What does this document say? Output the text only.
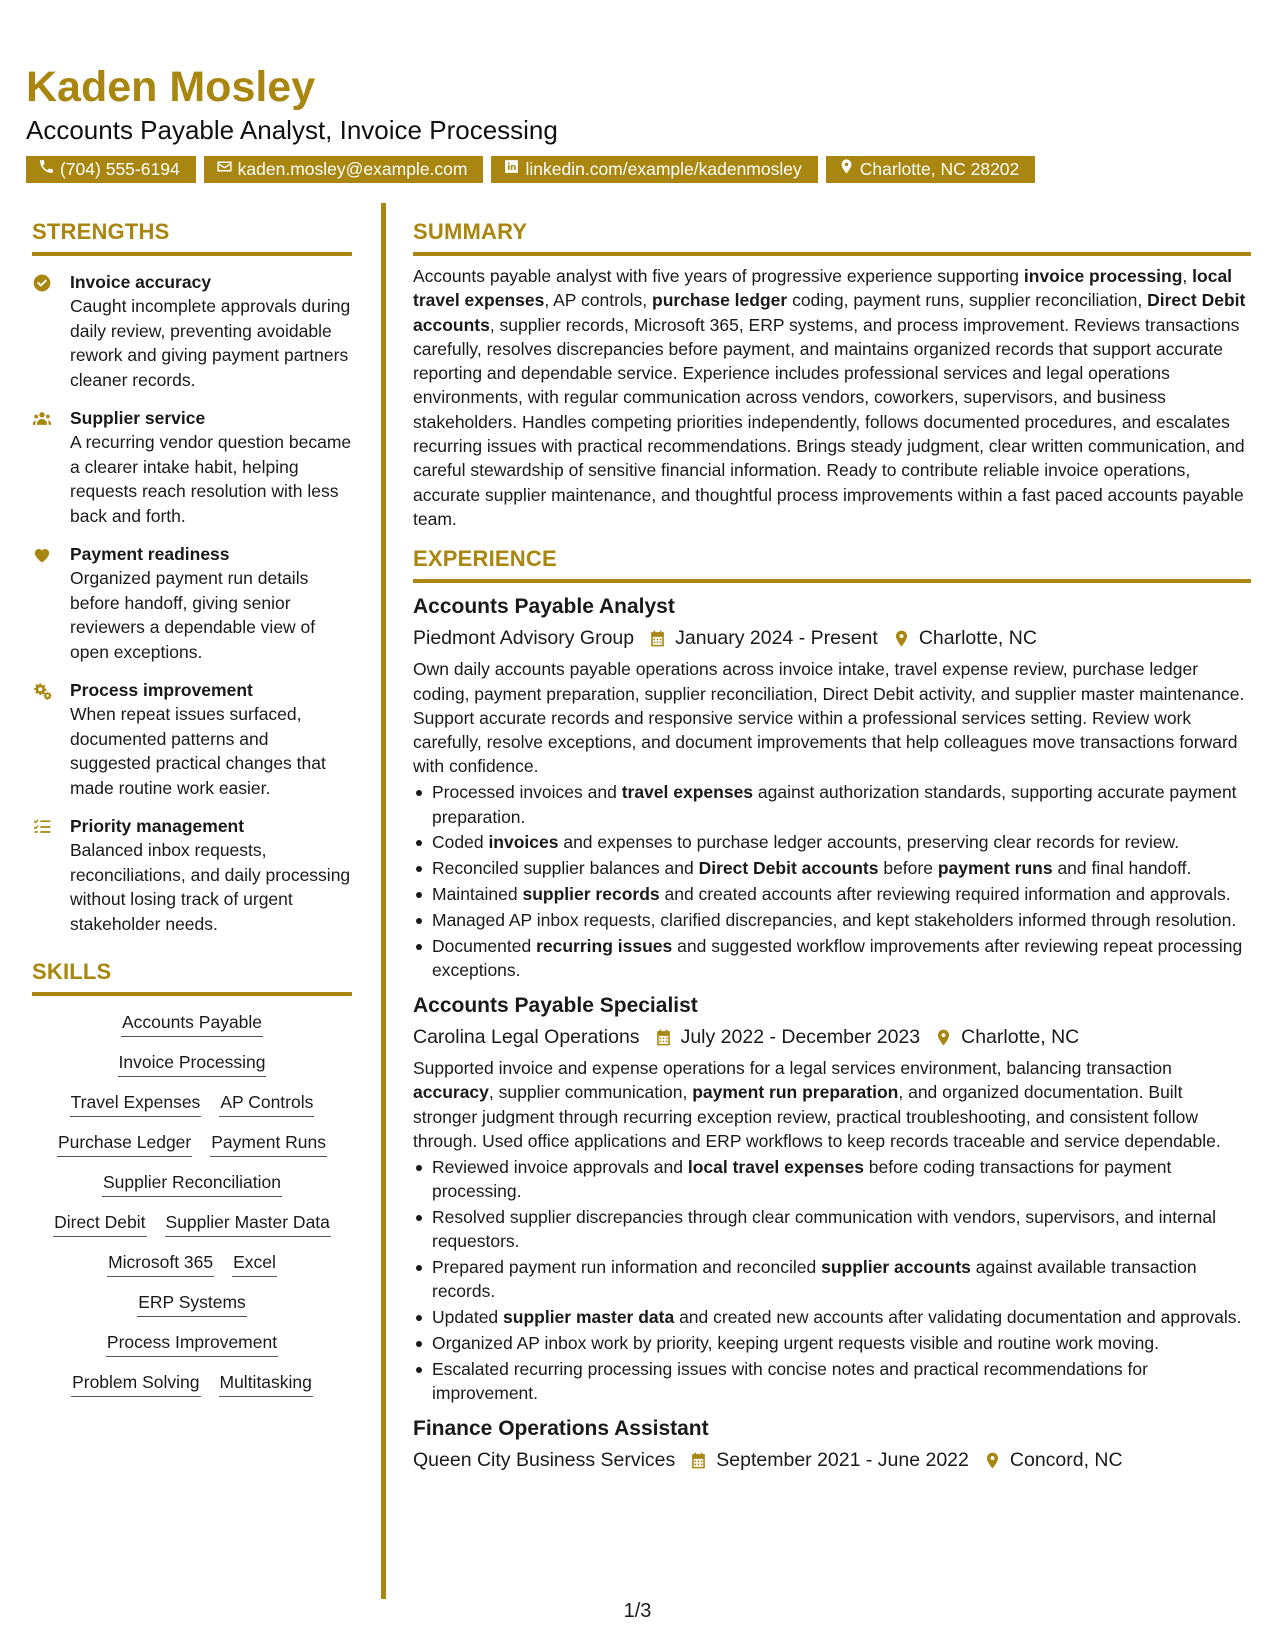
Kaden Mosley
Accounts Payable Analyst, Invoice Processing
(704) 555-6194	kaden.mosley@example.com	linkedin.com/example/kadenmosley	Charlotte, NC 28202
STRENGTHS
Invoice accuracy
Caught incomplete approvals during daily review, preventing avoidable rework and giving payment partners cleaner records.
Supplier service
A recurring vendor question became a clearer intake habit, helping requests reach resolution with less back and forth.
Payment readiness
Organized payment run details before handoff, giving senior reviewers a dependable view of open exceptions.
Process improvement
When repeat issues surfaced, documented patterns and suggested practical changes that made routine work easier.
Priority management
Balanced inbox requests, reconciliations, and daily processing without losing track of urgent stakeholder needs.
SKILLS
Accounts Payable
Invoice Processing
Travel Expenses AP Controls
Purchase Ledger Payment Runs
Supplier Reconciliation
Direct Debit Supplier Master Data
Microsoft 365 Excel
ERP Systems
Process Improvement
Problem Solving Multitasking
SUMMARY
Accounts payable analyst with five years of progressive experience supporting invoice processing, local travel expenses, AP controls, purchase ledger coding, payment runs, supplier reconciliation, Direct Debit accounts, supplier records, Microsoft 365, ERP systems, and process improvement. Reviews transactions carefully, resolves discrepancies before payment, and maintains organized records that support accurate reporting and dependable service. Experience includes professional services and legal operations environments, with regular communication across vendors, coworkers, supervisors, and business stakeholders. Handles competing priorities independently, follows documented procedures, and escalates recurring issues with practical recommendations. Brings steady judgment, clear written communication, and careful stewardship of sensitive financial information. Ready to contribute reliable invoice operations, accurate supplier maintenance, and thoughtful process improvements within a fast paced accounts payable team.
EXPERIENCE
Accounts Payable Analyst
Piedmont Advisory Group January 2024 - Present Charlotte, NC
Own daily accounts payable operations across invoice intake, travel expense review, purchase ledger coding, payment preparation, supplier reconciliation, Direct Debit activity, and supplier master maintenance. Support accurate records and responsive service within a professional services setting. Review work carefully, resolve exceptions, and document improvements that help colleagues move transactions forward with confidence.
Processed invoices and travel expenses against authorization standards, supporting accurate payment preparation.
Coded invoices and expenses to purchase ledger accounts, preserving clear records for review.
Reconciled supplier balances and Direct Debit accounts before payment runs and final handoff.
Maintained supplier records and created accounts after reviewing required information and approvals.
Managed AP inbox requests, clarified discrepancies, and kept stakeholders informed through resolution.
Documented recurring issues and suggested workflow improvements after reviewing repeat processing exceptions.
Accounts Payable Specialist
Carolina Legal Operations July 2022 - December 2023 Charlotte, NC
Supported invoice and expense operations for a legal services environment, balancing transaction accuracy, supplier communication, payment run preparation, and organized documentation. Built stronger judgment through recurring exception review, practical troubleshooting, and consistent follow through. Used office applications and ERP workflows to keep records traceable and service dependable.
Reviewed invoice approvals and local travel expenses before coding transactions for payment processing.
Resolved supplier discrepancies through clear communication with vendors, supervisors, and internal requestors.
Prepared payment run information and reconciled supplier accounts against available transaction records.
Updated supplier master data and created new accounts after validating documentation and approvals.
Organized AP inbox work by priority, keeping urgent requests visible and routine work moving.
Escalated recurring processing issues with concise notes and practical recommendations for improvement.
Finance Operations Assistant
Queen City Business Services September 2021 - June 2022 Concord, NC
1/3
